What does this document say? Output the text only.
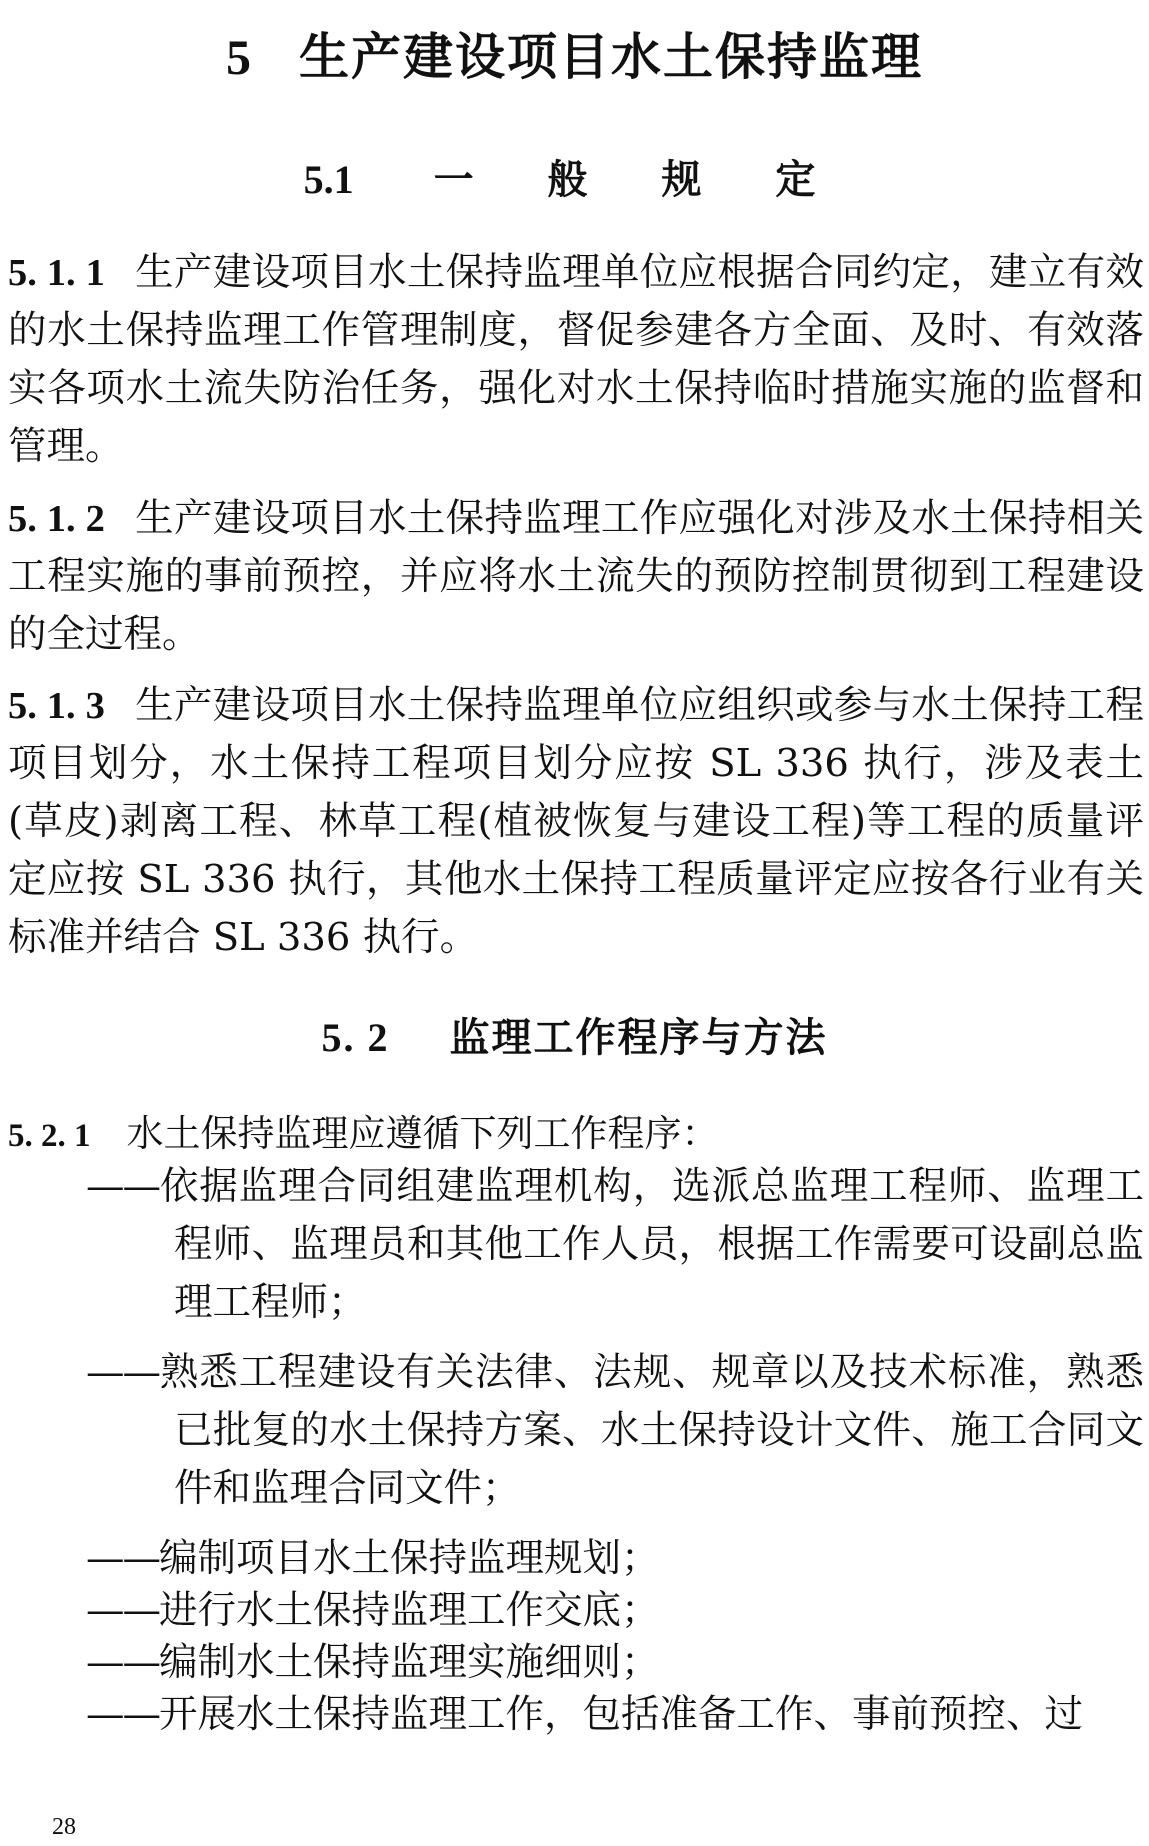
5 生产建设项目水土保持监理
5.1 一 般 规 定
5. 1. 1 生产建设项目水土保持监理单位应根据合同约定，建立有效的水土保持监理工作管理制度，督促参建各方全面、及时、有效落实各项水土流失防治任务，强化对水土保持临时措施实施的监督和管理。
5. 1. 2 生产建设项目水土保持监理工作应强化对涉及水土保持相关工程实施的事前预控，并应将水土流失的预防控制贯彻到工程建设的全过程。
5. 1. 3 生产建设项目水土保持监理单位应组织或参与水土保持工程项目划分，水土保持工程项目划分应按 SL 336 执行，涉及表土(草皮)剥离工程、林草工程(植被恢复与建设工程)等工程的质量评定应按 SL 336 执行，其他水土保持工程质量评定应按各行业有关标准并结合 SL 336 执行。
5. 2 监理工作程序与方法
5. 2. 1 水土保持监理应遵循下列工作程序：
——依据监理合同组建监理机构，选派总监理工程师、监理工程师、监理员和其他工作人员，根据工作需要可设副总监理工程师；
——熟悉工程建设有关法律、法规、规章以及技术标准，熟悉已批复的水土保持方案、水土保持设计文件、施工合同文件和监理合同文件；
——编制项目水土保持监理规划；
——进行水土保持监理工作交底；
——编制水土保持监理实施细则；
——开展水土保持监理工作，包括准备工作、事前预控、过
28
